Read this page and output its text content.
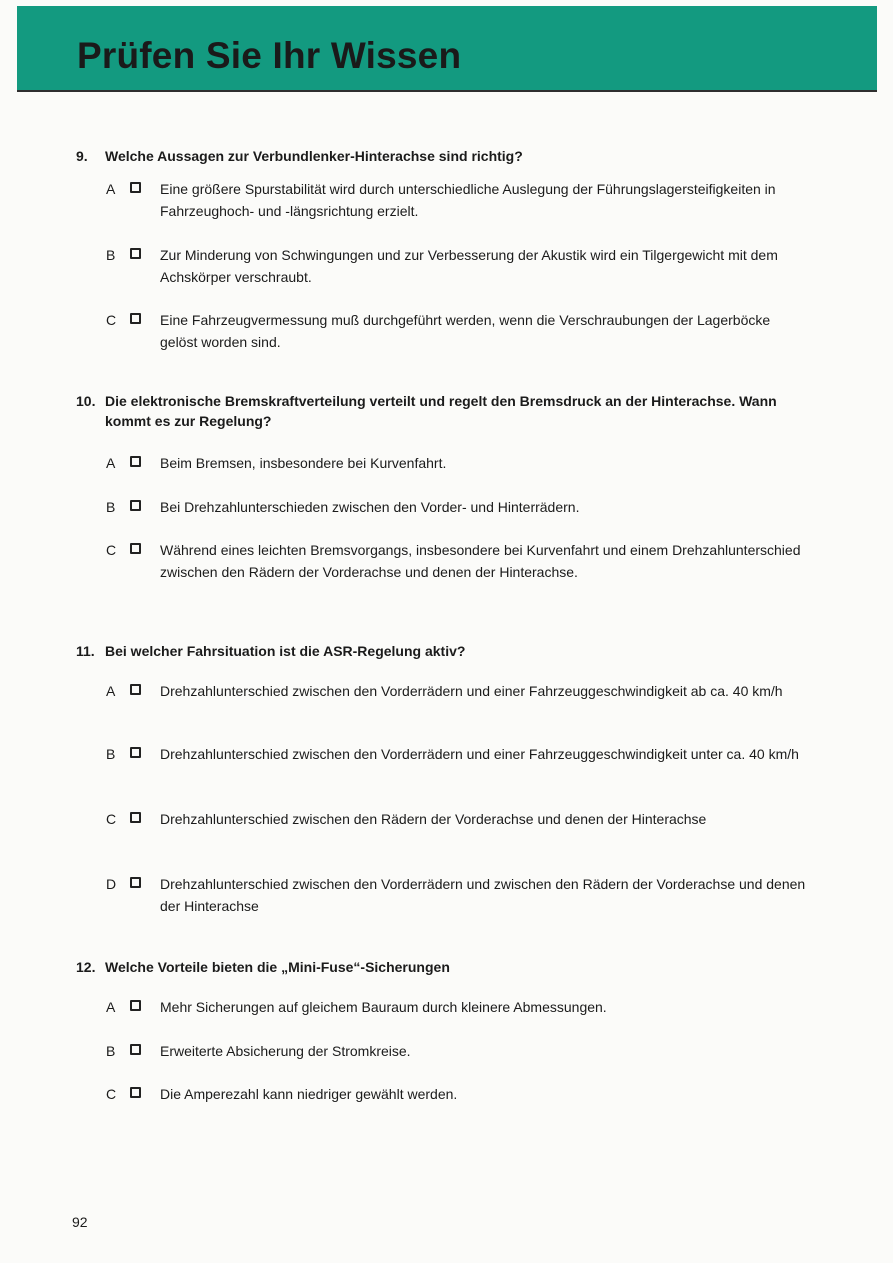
Prüfen Sie Ihr Wissen
9. Welche Aussagen zur Verbundlenker-Hinterachse sind richtig?
A	Eine größere Spurstabilität wird durch unterschiedliche Auslegung der Führungslagersteifigkeiten in Fahrzeughoch- und -längsrichtung erzielt.
B	Zur Minderung von Schwingungen und zur Verbesserung der Akustik wird ein Tilgergewicht mit dem Achskörper verschraubt.
C	Eine Fahrzeugvermessung muß durchgeführt werden, wenn die Verschraubungen der Lagerböcke gelöst worden sind.
10. Die elektronische Bremskraftverteilung verteilt und regelt den Bremsdruck an der Hinterachse. Wann kommt es zur Regelung?
A	Beim Bremsen, insbesondere bei Kurvenfahrt.
B	Bei Drehzahlunterschieden zwischen den Vorder- und Hinterrädern.
C	Während eines leichten Bremsvorgangs, insbesondere bei Kurvenfahrt und einem Drehzahlunterschied zwischen den Rädern der Vorderachse und denen der Hinterachse.
11. Bei welcher Fahrsituation ist die ASR-Regelung aktiv?
A	Drehzahlunterschied zwischen den Vorderrädern und einer Fahrzeuggeschwindigkeit ab ca. 40 km/h
B	Drehzahlunterschied zwischen den Vorderrädern und einer Fahrzeuggeschwindigkeit unter ca. 40 km/h
C	Drehzahlunterschied zwischen den Rädern der Vorderachse und denen der Hinterachse
D	Drehzahlunterschied zwischen den Vorderrädern und zwischen den Rädern der Vorderachse und denen der Hinterachse
12. Welche Vorteile bieten die „Mini-Fuse“-Sicherungen
A	Mehr Sicherungen auf gleichem Bauraum durch kleinere Abmessungen.
B	Erweiterte Absicherung der Stromkreise.
C	Die Amperezahl kann niedriger gewählt werden.
92
